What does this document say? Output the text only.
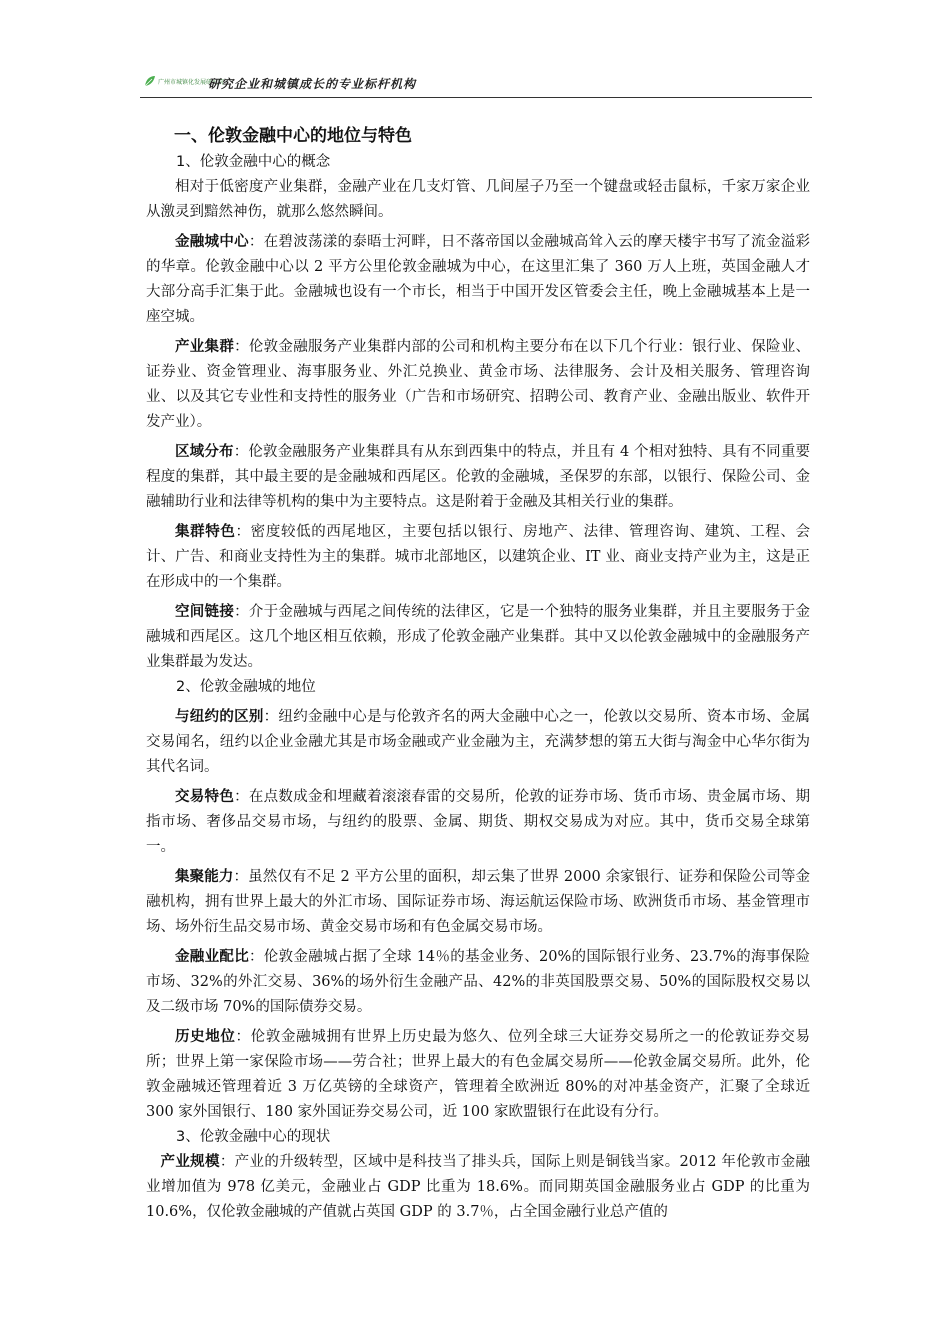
广州市城镇化发展研究院
研究企业和城镇成长的专业标杆机构
一、伦敦金融中心的地位与特色
1、伦敦金融中心的概念

相对于低密度产业集群，金融产业在几支灯管、几间屋子乃至一个键盘或轻击鼠标，千家万家企业从激灵到黯然神伤，就那么悠然瞬间。

金融城中心：在碧波荡漾的泰晤士河畔，日不落帝国以金融城高耸入云的摩天楼宇书写了流金溢彩的华章。伦敦金融中心以 2 平方公里伦敦金融城为中心，在这里汇集了 360 万人上班，英国金融人才大部分高手汇集于此。金融城也设有一个市长，相当于中国开发区管委会主任，晚上金融城基本上是一座空城。

产业集群：伦敦金融服务产业集群内部的公司和机构主要分布在以下几个行业：银行业、保险业、证券业、资金管理业、海事服务业、外汇兑换业、黄金市场、法律服务、会计及相关服务、管理咨询业、以及其它专业性和支持性的服务业（广告和市场研究、招聘公司、教育产业、金融出版业、软件开发产业）。

区域分布：伦敦金融服务产业集群具有从东到西集中的特点，并且有 4 个相对独特、具有不同重要程度的集群，其中最主要的是金融城和西尾区。伦敦的金融城，圣保罗的东部，以银行、保险公司、金融辅助行业和法律等机构的集中为主要特点。这是附着于金融及其相关行业的集群。

集群特色：密度较低的西尾地区，主要包括以银行、房地产、法律、管理咨询、建筑、工程、会计、广告、和商业支持性为主的集群。城市北部地区，以建筑企业、IT 业、商业支持产业为主，这是正在形成中的一个集群。

空间链接：介于金融城与西尾之间传统的法律区，它是一个独特的服务业集群，并且主要服务于金融城和西尾区。这几个地区相互依赖，形成了伦敦金融产业集群。其中又以伦敦金融城中的金融服务产业集群最为发达。

2、伦敦金融城的地位

与纽约的区别：纽约金融中心是与伦敦齐名的两大金融中心之一，伦敦以交易所、资本市场、金属交易闻名，纽约以企业金融尤其是市场金融或产业金融为主，充满梦想的第五大街与淘金中心华尔街为其代名词。

交易特色：在点数成金和埋藏着滚滚春雷的交易所，伦敦的证券市场、货币市场、贵金属市场、期指市场、奢侈品交易市场，与纽约的股票、金属、期货、期权交易成为对应。其中，货币交易全球第一。

集聚能力：虽然仅有不足 2 平方公里的面积，却云集了世界 2000 余家银行、证券和保险公司等金融机构，拥有世界上最大的外汇市场、国际证券市场、海运航运保险市场、欧洲货币市场、基金管理市场、场外衍生品交易市场、黄金交易市场和有色金属交易市场。

金融业配比：伦敦金融城占据了全球 14％的基金业务、20%的国际银行业务、23.7%的海事保险市场、32%的外汇交易、36%的场外衍生金融产品、42%的非英国股票交易、50%的国际股权交易以及二级市场 70%的国际债券交易。

历史地位：伦敦金融城拥有世界上历史最为悠久、位列全球三大证券交易所之一的伦敦证券交易所；世界上第一家保险市场——劳合社；世界上最大的有色金属交易所——伦敦金属交易所。此外，伦敦金融城还管理着近 3 万亿英镑的全球资产，管理着全欧洲近 80%的对冲基金资产，汇聚了全球近 300 家外国银行、180 家外国证券交易公司，近 100 家欧盟银行在此设有分行。

3、伦敦金融中心的现状

产业规模：产业的升级转型，区域中是科技当了排头兵，国际上则是铜钱当家。2012 年伦敦市金融业增加值为 978 亿美元，金融业占 GDP 比重为 18.6%。而同期英国金融服务业占 GDP 的比重为 10.6%，仅伦敦金融城的产值就占英国 GDP 的 3.7％，占全国金融行业总产值的
